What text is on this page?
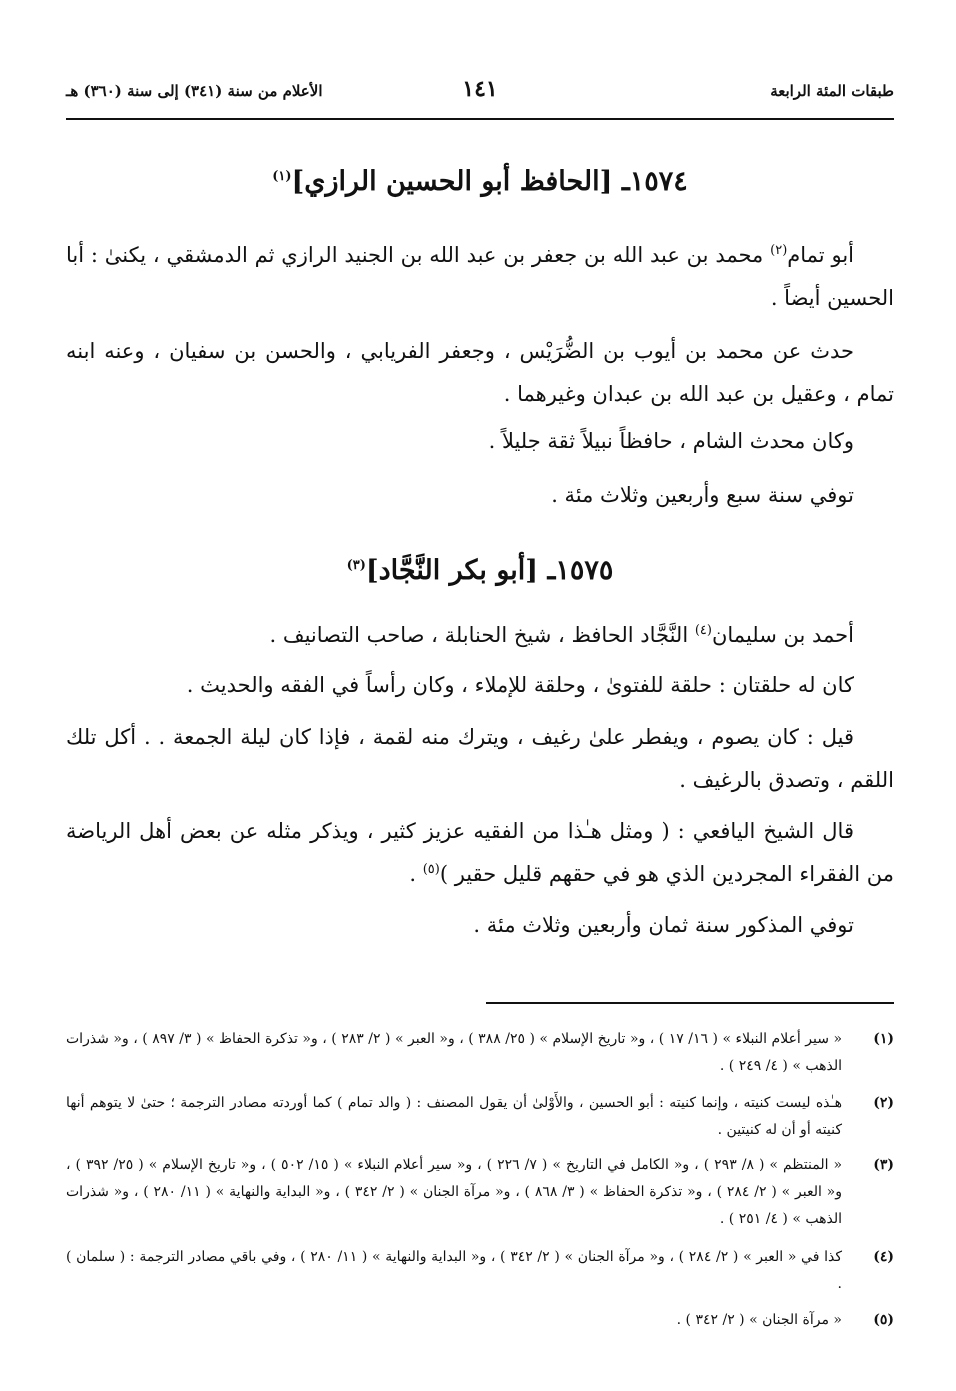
الأعلام من سنة (٣٤١) إلى سنة (٣٦٠) هـ	١٤١	طبقات المئة الرابعة
١٥٧٤ـ [الحافظ أبو الحسين الرازي]$^{(١)}$
أبو تمام$^{(٢)}$ محمد بن عبد الله بن جعفر بن عبد الله بن الجنيد الرازي ثم الدمشقي ، يكنىٰ : أبا الحسين أيضاً .
حدث عن محمد بن أيوب بن الضُّرَيْس ، وجعفر الفريابي ، والحسن بن سفيان ، وعنه ابنه تمام ، وعقيل بن عبد الله بن عبدان وغيرهما .
وكان محدث الشام ، حافظاً نبيلاً ثقة جليلاً .
توفي سنة سبع وأربعين وثلاث مئة .
١٥٧٥ـ [أبو بكر النَّجَّاد]$^{(٣)}$
أحمد بن سليمان$^{(٤)}$ النَّجَّاد الحافظ ، شيخ الحنابلة ، صاحب التصانيف .
كان له حلقتان : حلقة للفتوىٰ ، وحلقة للإملاء ، وكان رأساً في الفقه والحديث .
قيل : كان يصوم ، ويفطر علىٰ رغيف ، ويترك منه لقمة ، فإذا كان ليلة الجمعة . . أكل تلك اللقم ، وتصدق بالرغيف .
قال الشيخ اليافعي : ( ومثل هـٰذا من الفقيه عزيز كثير ، ويذكر مثله عن بعض أهل الرياضة من الفقراء المجردين الذي هو في حقهم قليل حقير )$^{(٥)}$ .
توفي المذكور سنة ثمان وأربعين وثلاث مئة .
(١)
« سير أعلام النبلاء » ( ١٦/ ١٧ ) ، و« تاريخ الإسلام » ( ٢٥/ ٣٨٨ ) ، و« العبر » ( ٢/ ٢٨٣ ) ، و« تذكرة الحفاظ » ( ٣/ ٨٩٧ ) ، و« شذرات الذهب » ( ٤/ ٢٤٩ ) .
(٢)
هـٰذه ليست كنيته ، وإنما كنيته : أبو الحسين ، والأَوْلىٰ أن يقول المصنف : ( والد تمام ) كما أوردته مصادر الترجمة ؛ حتىٰ لا يتوهم أنها كنيته أو أن له كنيتين .
(٣)
« المنتظم » ( ٨/ ٢٩٣ ) ، و« الكامل في التاريخ » ( ٧/ ٢٢٦ ) ، و« سير أعلام النبلاء » ( ١٥/ ٥٠٢ ) ، و« تاريخ الإسلام » ( ٢٥/ ٣٩٢ ) ، و« العبر » ( ٢/ ٢٨٤ ) ، و« تذكرة الحفاظ » ( ٣/ ٨٦٨ ) ، و« مرآة الجنان » ( ٢/ ٣٤٢ ) ، و« البداية والنهاية » ( ١١/ ٢٨٠ ) ، و« شذرات الذهب » ( ٤/ ٢٥١ ) .
(٤)
كذا في « العبر » ( ٢/ ٢٨٤ ) ، و« مرآة الجنان » ( ٢/ ٣٤٢ ) ، و« البداية والنهاية » ( ١١/ ٢٨٠ ) ، وفي باقي مصادر الترجمة : ( سلمان ) .
(٥)
« مرآة الجنان » ( ٢/ ٣٤٢ ) .
